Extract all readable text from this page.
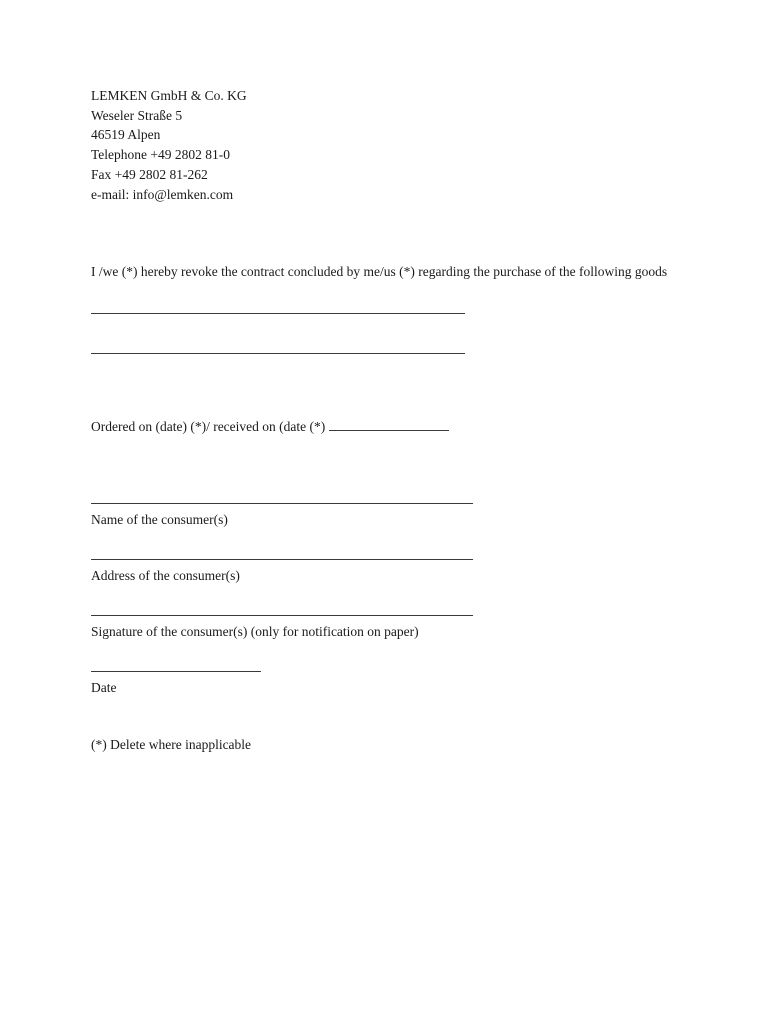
LEMKEN GmbH & Co. KG
Weseler Straße 5
46519 Alpen
Telephone +49 2802 81-0
Fax +49 2802 81-262
e-mail: info@lemken.com
I /we (*) hereby revoke the contract concluded by me/us (*) regarding the purchase of the following goods
Ordered on (date) (*)/ received on (date (*)
Name of the consumer(s)
Address of the consumer(s)
Signature of the consumer(s) (only for notification on paper)
Date
(*) Delete where inapplicable
